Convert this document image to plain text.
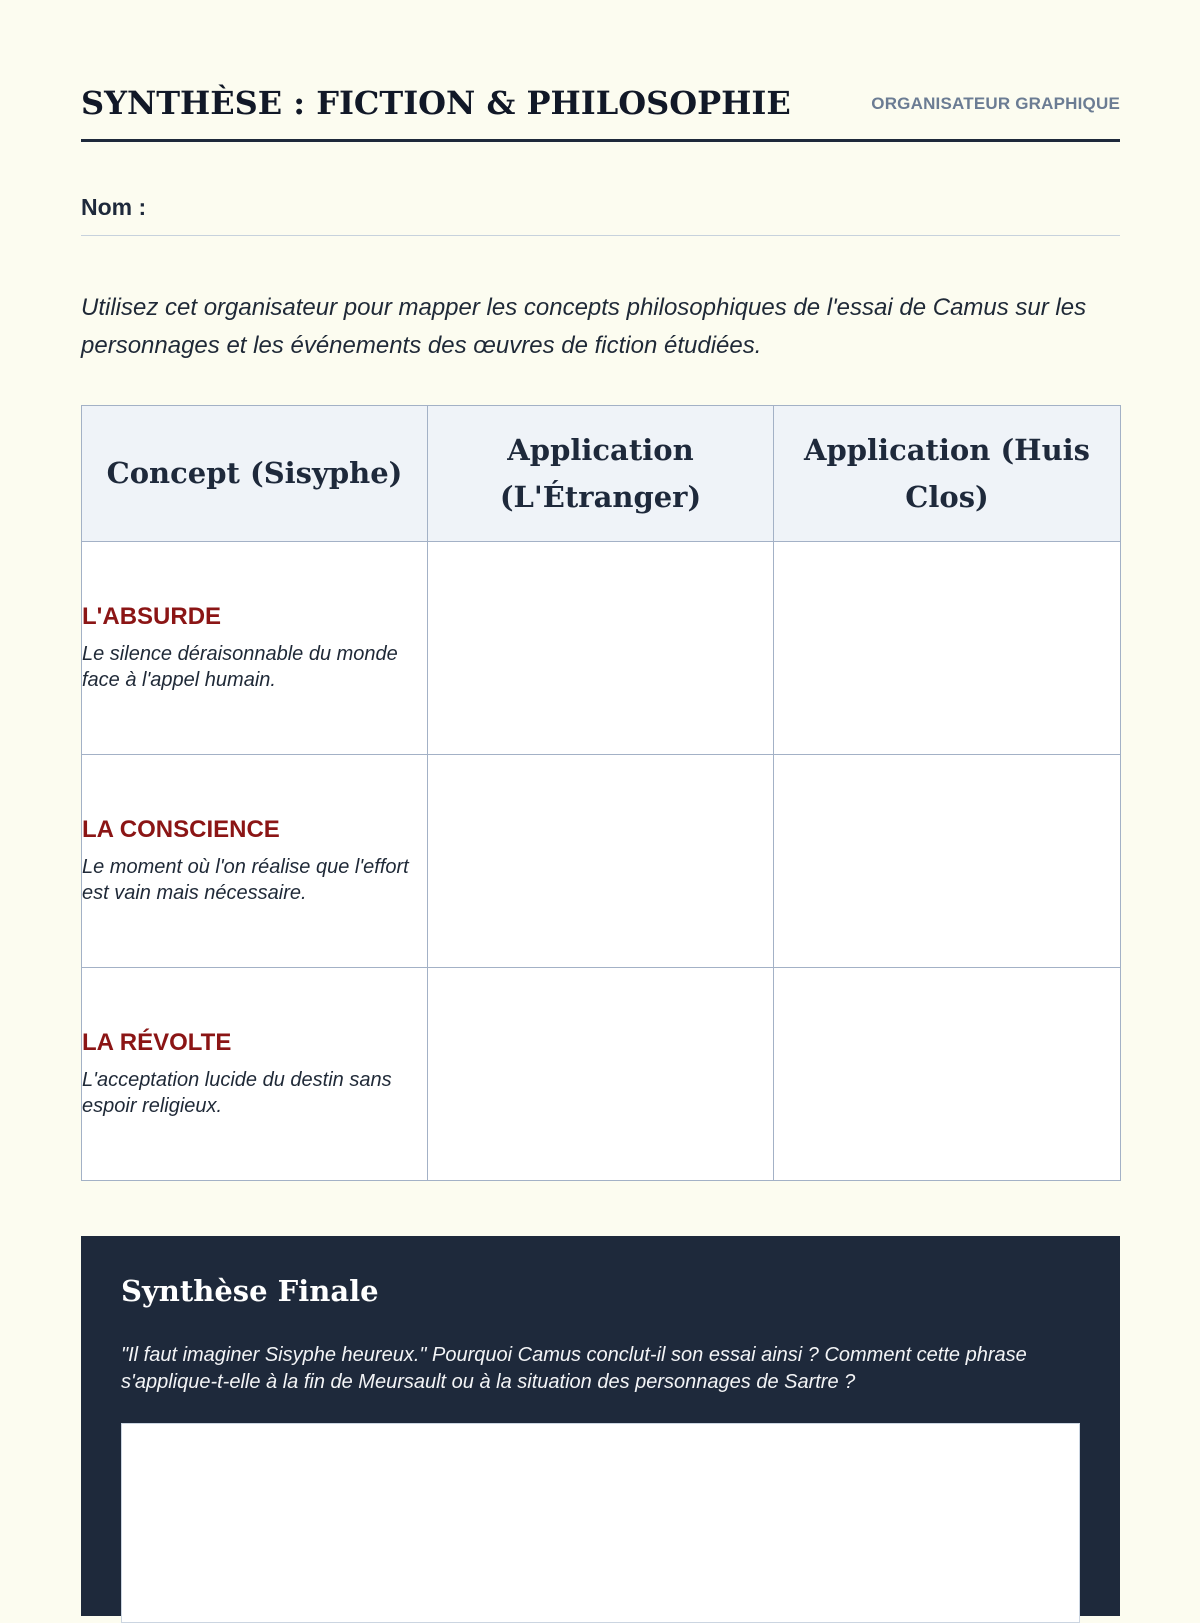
SYNTHÈSE : FICTION & PHILOSOPHIE	ORGANISATEUR GRAPHIQUE
Nom :
Utilisez cet organisateur pour mapper les concepts philosophiques de l'essai de Camus sur les personnages et les événements des œuvres de fiction étudiées.
Concept (Sisyphe)	Application (L'Étranger)	Application (Huis Clos)

L'ABSURDE
Le silence déraisonnable du monde face à l'appel humain.		

LA CONSCIENCE
Le moment où l'on réalise que l'effort est vain mais nécessaire.		

LA RÉVOLTE
L'acceptation lucide du destin sans espoir religieux.		

Synthèse Finale
"Il faut imaginer Sisyphe heureux." Pourquoi Camus conclut-il son essai ainsi ? Comment cette phrase s'applique-t-elle à la fin de Meursault ou à la situation des personnages de Sartre ?
